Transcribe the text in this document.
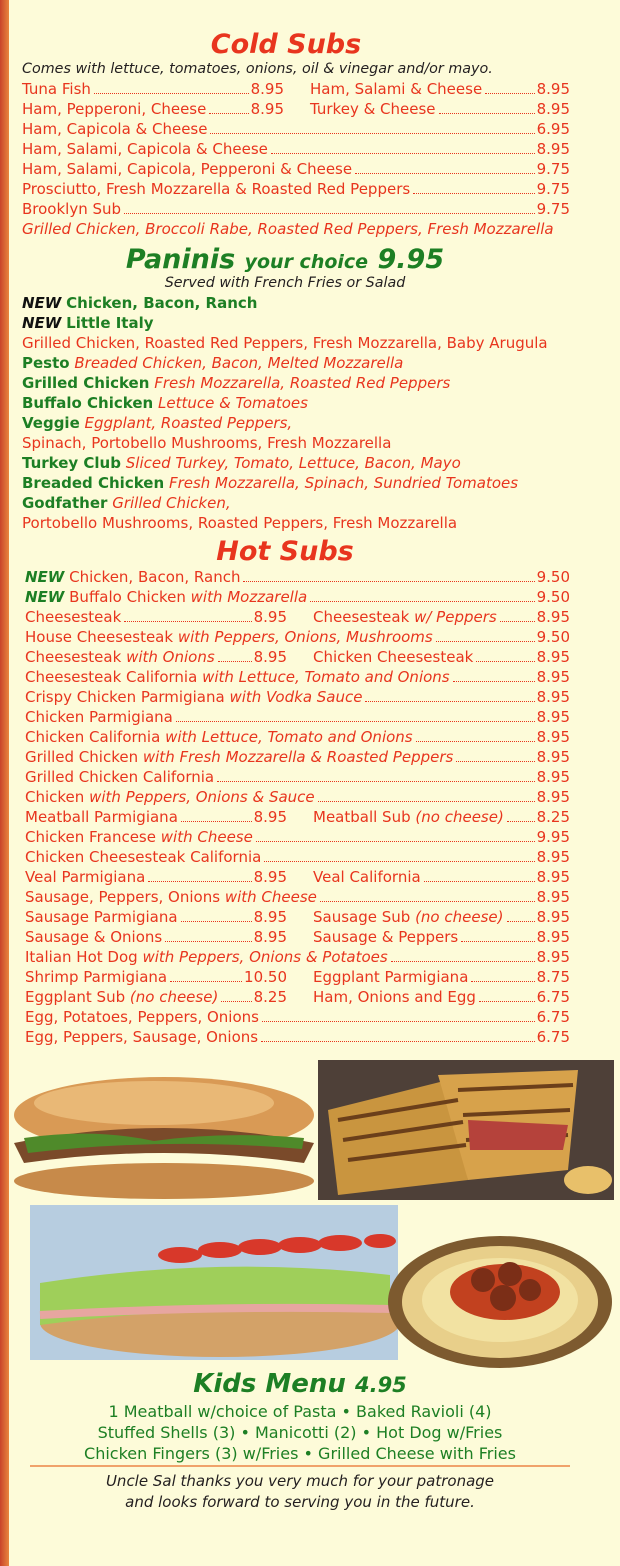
Cold Subs

Comes with lettuce, tomatoes, onions, oil & vinegar and/or mayo.

Tuna Fish	8.95 Ham, Salami & Cheese	8.95
Ham, Pepperoni, Cheese	8.95 Turkey & Cheese	8.95
Ham, Capicola & Cheese	6.95
Ham, Salami, Capicola & Cheese	8.95
Ham, Salami, Capicola, Pepperoni & Cheese	9.75
Prosciutto, Fresh Mozzarella & Roasted Red Peppers	9.75
Brooklyn Sub	9.75
Grilled Chicken, Broccoli Rabe, Roasted Red Peppers, Fresh Mozzarella
Paninis your choice 9.95

Served with French Fries or Salad

NEW Chicken, Bacon, Ranch
NEW Little Italy
Grilled Chicken, Roasted Red Peppers, Fresh Mozzarella, Baby Arugula
Pesto Breaded Chicken, Bacon, Melted Mozzarella
Grilled Chicken Fresh Mozzarella, Roasted Red Peppers
Buffalo Chicken Lettuce & Tomatoes
Veggie Eggplant, Roasted Peppers,
Spinach, Portobello Mushrooms, Fresh Mozzarella
Turkey Club Sliced Turkey, Tomato, Lettuce, Bacon, Mayo
Breaded Chicken Fresh Mozzarella, Spinach, Sundried Tomatoes
Godfather Grilled Chicken,
Portobello Mushrooms, Roasted Peppers, Fresh Mozzarella
Hot Subs
NEW Chicken, Bacon, Ranch	9.50
NEW Buffalo Chicken with Mozzarella	9.50
Cheesesteak	8.95 Cheesesteak w/ Peppers	8.95
House Cheesesteak with Peppers, Onions, Mushrooms	9.50
Cheesesteak with Onions	8.95 Chicken Cheesesteak	8.95
Cheesesteak California with Lettuce, Tomato and Onions	8.95
Crispy Chicken Parmigiana with Vodka Sauce	8.95
Chicken Parmigiana	8.95
Chicken California with Lettuce, Tomato and Onions	8.95
Grilled Chicken with Fresh Mozzarella & Roasted Peppers	8.95
Grilled Chicken California	8.95
Chicken with Peppers, Onions & Sauce	8.95
Meatball Parmigiana	8.95 Meatball Sub (no cheese) 8.25
Chicken Francese with Cheese	9.95
Chicken Cheesesteak California	8.95
Veal Parmigiana	8.95 Veal California	8.95
Sausage, Peppers, Onions with Cheese	8.95
Sausage Parmigiana	8.95 Sausage Sub (no cheese) 8.95
Sausage & Onions	8.95 Sausage & Peppers	8.95
Italian Hot Dog with Peppers, Onions & Potatoes	8.95
Shrimp Parmigiana	10.50 Eggplant Parmigiana	8.75
Eggplant Sub (no cheese) 8.25 Ham, Onions and Egg	6.75
Egg, Potatoes, Peppers, Onions	6.75
Egg, Peppers, Sausage, Onions	6.75
Kids Menu 4.95
1 Meatball w/choice of Pasta • Baked Ravioli (4)
Stuffed Shells (3) • Manicotti (2) • Hot Dog w/Fries
Chicken Fingers (3) w/Fries • Grilled Cheese with Fries
Uncle Sal thanks you very much for your patronage
and looks forward to serving you in the future.
